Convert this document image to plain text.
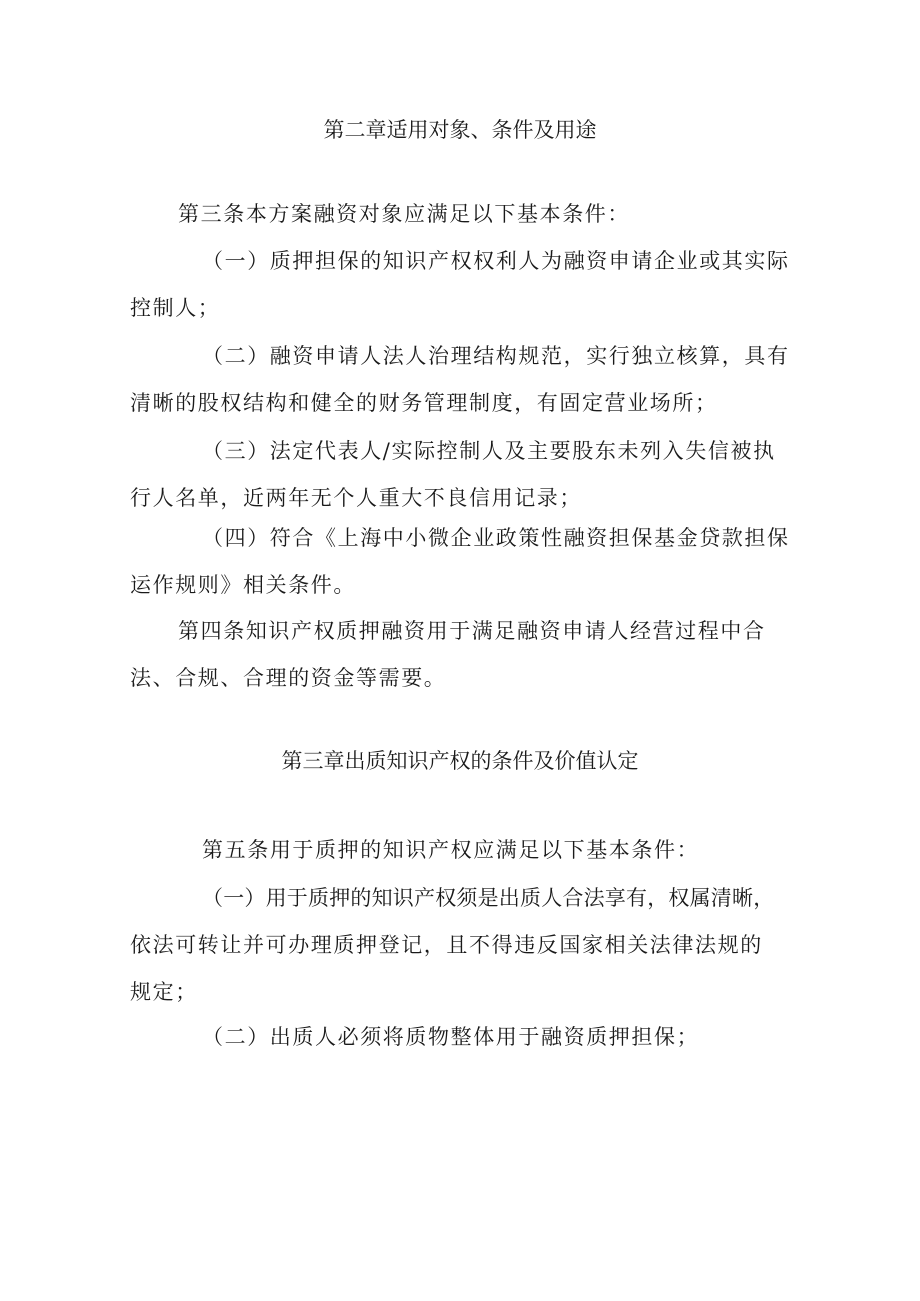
第二章适用对象、条件及用途
第三条本方案融资对象应满足以下基本条件：
（一）质押担保的知识产权权利人为融资申请企业或其实际
控制人；
（二）融资申请人法人治理结构规范，实行独立核算，具有
清晰的股权结构和健全的财务管理制度，有固定营业场所；
（三）法定代表人/实际控制人及主要股东未列入失信被执
行人名单，近两年无个人重大不良信用记录；
（四）符合《上海中小微企业政策性融资担保基金贷款担保
运作规则》相关条件。
第四条知识产权质押融资用于满足融资申请人经营过程中合
法、合规、合理的资金等需要。
第三章出质知识产权的条件及价值认定
第五条用于质押的知识产权应满足以下基本条件：
（一）用于质押的知识产权须是出质人合法享有，权属清晰，
依法可转让并可办理质押登记，且不得违反国家相关法律法规的
规定；
（二）出质人必须将质物整体用于融资质押担保；
